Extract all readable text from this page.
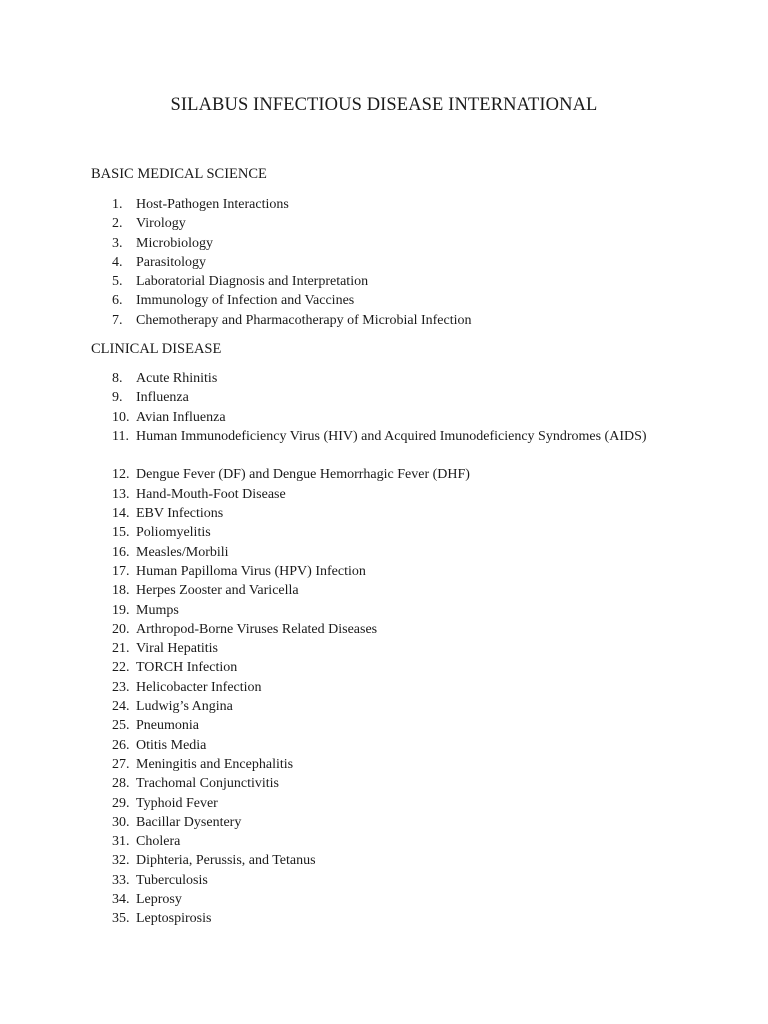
SILABUS INFECTIOUS DISEASE INTERNATIONAL
BASIC MEDICAL SCIENCE
1. Host-Pathogen Interactions
2. Virology
3. Microbiology
4. Parasitology
5. Laboratorial Diagnosis and Interpretation
6. Immunology of Infection and Vaccines
7. Chemotherapy and Pharmacotherapy of Microbial Infection
CLINICAL DISEASE
8. Acute Rhinitis
9. Influenza
10. Avian Influenza
11. Human Immunodeficiency Virus (HIV) and Acquired Imunodeficiency Syndromes (AIDS)
12. Dengue Fever (DF) and Dengue Hemorrhagic Fever (DHF)
13. Hand-Mouth-Foot Disease
14. EBV Infections
15. Poliomyelitis
16. Measles/Morbili
17. Human Papilloma Virus (HPV) Infection
18. Herpes Zooster and Varicella
19. Mumps
20. Arthropod-Borne Viruses Related Diseases
21. Viral Hepatitis
22. TORCH Infection
23. Helicobacter Infection
24. Ludwig’s Angina
25. Pneumonia
26. Otitis Media
27. Meningitis and Encephalitis
28. Trachomal Conjunctivitis
29. Typhoid Fever
30. Bacillar Dysentery
31. Cholera
32. Diphteria, Perussis, and Tetanus
33. Tuberculosis
34. Leprosy
35. Leptospirosis
